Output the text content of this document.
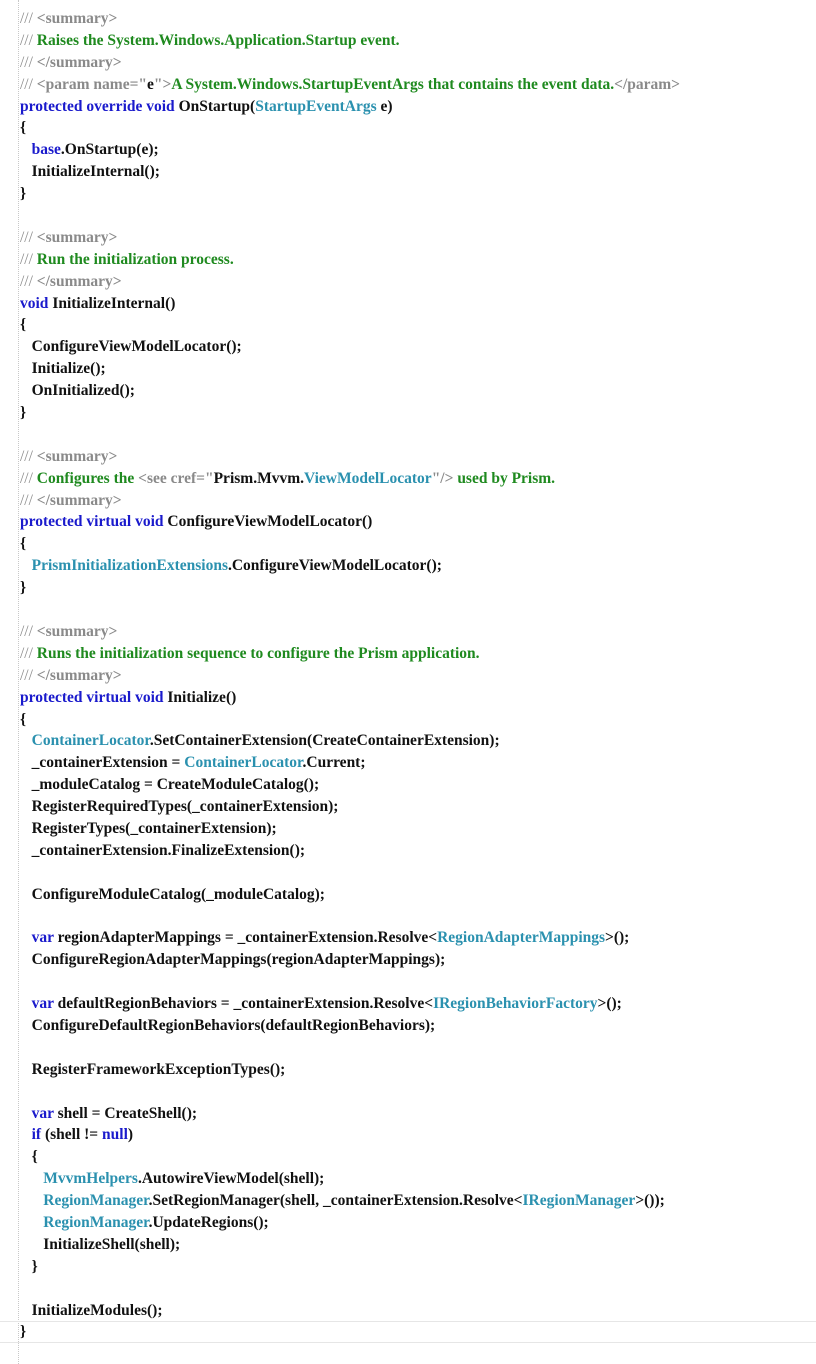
/// <summary>
/// Raises the System.Windows.Application.Startup event.
/// </summary>
/// <param name="e">A System.Windows.StartupEventArgs that contains the event data.</param>
protected override void OnStartup(StartupEventArgs e)
{
base.OnStartup(e);
InitializeInternal();
}
/// <summary>
/// Run the initialization process.
/// </summary>
void InitializeInternal()
{
ConfigureViewModelLocator();
Initialize();
OnInitialized();
}
/// <summary>
/// Configures the <see cref="Prism.Mvvm.ViewModelLocator"/> used by Prism.
/// </summary>
protected virtual void ConfigureViewModelLocator()
{
PrismInitializationExtensions.ConfigureViewModelLocator();
}
/// <summary>
/// Runs the initialization sequence to configure the Prism application.
/// </summary>
protected virtual void Initialize()
{
ContainerLocator.SetContainerExtension(CreateContainerExtension);
_containerExtension = ContainerLocator.Current;
_moduleCatalog = CreateModuleCatalog();
RegisterRequiredTypes(_containerExtension);
RegisterTypes(_containerExtension);
_containerExtension.FinalizeExtension();
ConfigureModuleCatalog(_moduleCatalog);
var regionAdapterMappings = _containerExtension.Resolve<RegionAdapterMappings>();
ConfigureRegionAdapterMappings(regionAdapterMappings);
var defaultRegionBehaviors = _containerExtension.Resolve<IRegionBehaviorFactory>();
ConfigureDefaultRegionBehaviors(defaultRegionBehaviors);
RegisterFrameworkExceptionTypes();
var shell = CreateShell();
if (shell != null)
{
MvvmHelpers.AutowireViewModel(shell);
RegionManager.SetRegionManager(shell, _containerExtension.Resolve<IRegionManager>());
RegionManager.UpdateRegions();
InitializeShell(shell);
}
InitializeModules();
}
